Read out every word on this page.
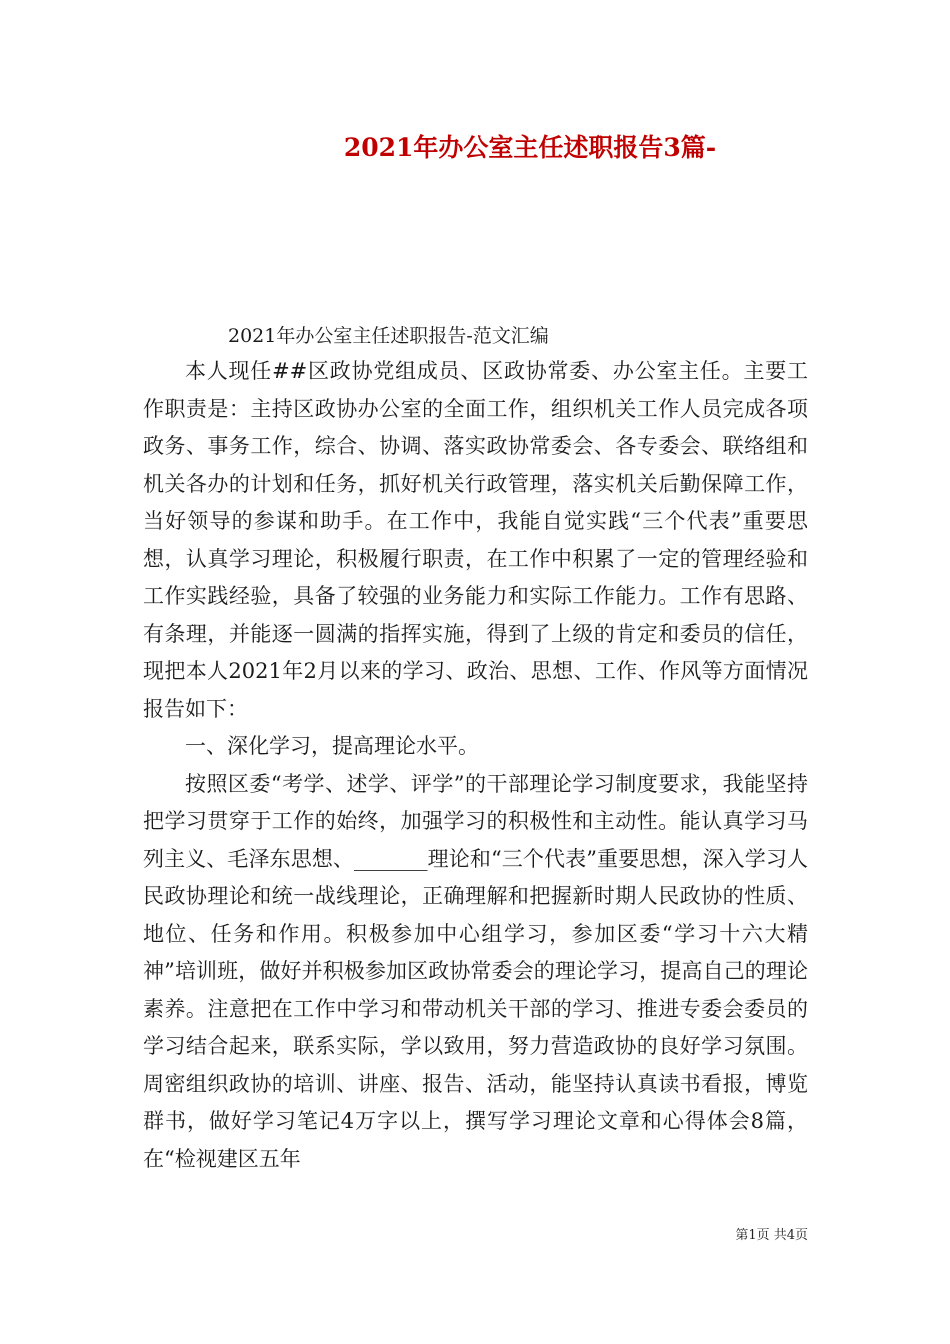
2021年办公室主任述职报告3篇-
2021年办公室主任述职报告-范文汇编

本人现任##区政协党组成员、区政协常委、办公室主任。主要工作职责是：主持区政协办公室的全面工作，组织机关工作人员完成各项政务、事务工作，综合、协调、落实政协常委会、各专委会、联络组和机关各办的计划和任务，抓好机关行政管理，落实机关后勤保障工作，当好领导的参谋和助手。在工作中，我能自觉实践“三个代表”重要思想，认真学习理论，积极履行职责，在工作中积累了一定的管理经验和工作实践经验，具备了较强的业务能力和实际工作能力。工作有思路、有条理，并能逐一圆满的指挥实施，得到了上级的肯定和委员的信任，现把本人2021年2月以来的学习、政治、思想、工作、作风等方面情况报告如下：

一、深化学习，提高理论水平。

按照区委“考学、述学、评学”的干部理论学习制度要求，我能坚持把学习贯穿于工作的始终，加强学习的积极性和主动性。能认真学习马列主义、毛泽东思想、_______理论和“三个代表”重要思想，深入学习人民政协理论和统一战线理论，正确理解和把握新时期人民政协的性质、地位、任务和作用。积极参加中心组学习，参加区委“学习十六大精神”培训班，做好并积极参加区政协常委会的理论学习，提高自己的理论素养。注意把在工作中学习和带动机关干部的学习、推进专委会委员的学习结合起来，联系实际，学以致用，努力营造政协的良好学习氛围。周密组织政协的培训、讲座、报告、活动，能坚持认真读书看报，博览群书，做好学习笔记4万字以上，撰写学习理论文章和心得体会8篇，在“检视建区五年

第1页 共4页
